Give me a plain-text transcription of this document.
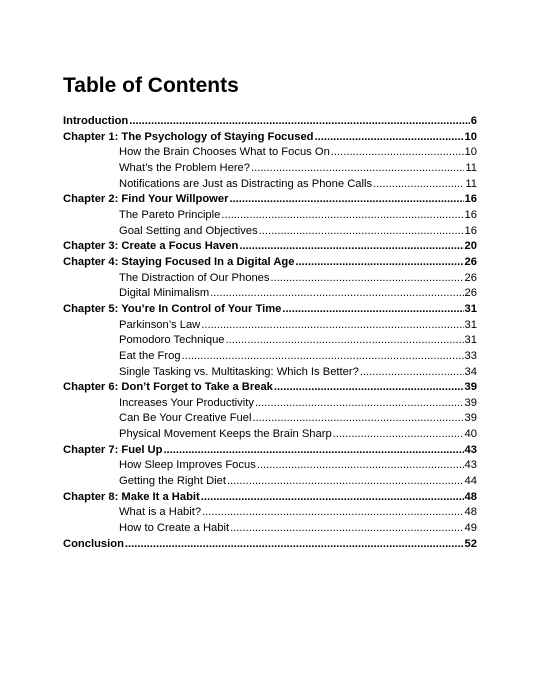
Table of Contents
Introduction .....	6
Chapter 1: The Psychology of Staying Focused .....	10
How the Brain Chooses What to Focus On .....	10
What’s the Problem Here? .....	11
Notifications are Just as Distracting as Phone Calls .....	11
Chapter 2: Find Your Willpower .....	16
The Pareto Principle .....	16
Goal Setting and Objectives .....	16
Chapter 3: Create a Focus Haven .....	20
Chapter 4: Staying Focused In a Digital Age .....	26
The Distraction of Our Phones .....	26
Digital Minimalism .....	26
Chapter 5: You’re In Control of Your Time .....	31
Parkinson’s Law .....	31
Pomodoro Technique .....	31
Eat the Frog .....	33
Single Tasking vs. Multitasking: Which Is Better? .....	34
Chapter 6: Don’t Forget to Take a Break .....	39
Increases Your Productivity .....	39
Can Be Your Creative Fuel .....	39
Physical Movement Keeps the Brain Sharp .....	40
Chapter 7: Fuel Up .....	43
How Sleep Improves Focus .....	43
Getting the Right Diet .....	44
Chapter 8: Make It a Habit .....	48
What is a Habit? .....	48
How to Create a Habit .....	49
Conclusion .....	52
